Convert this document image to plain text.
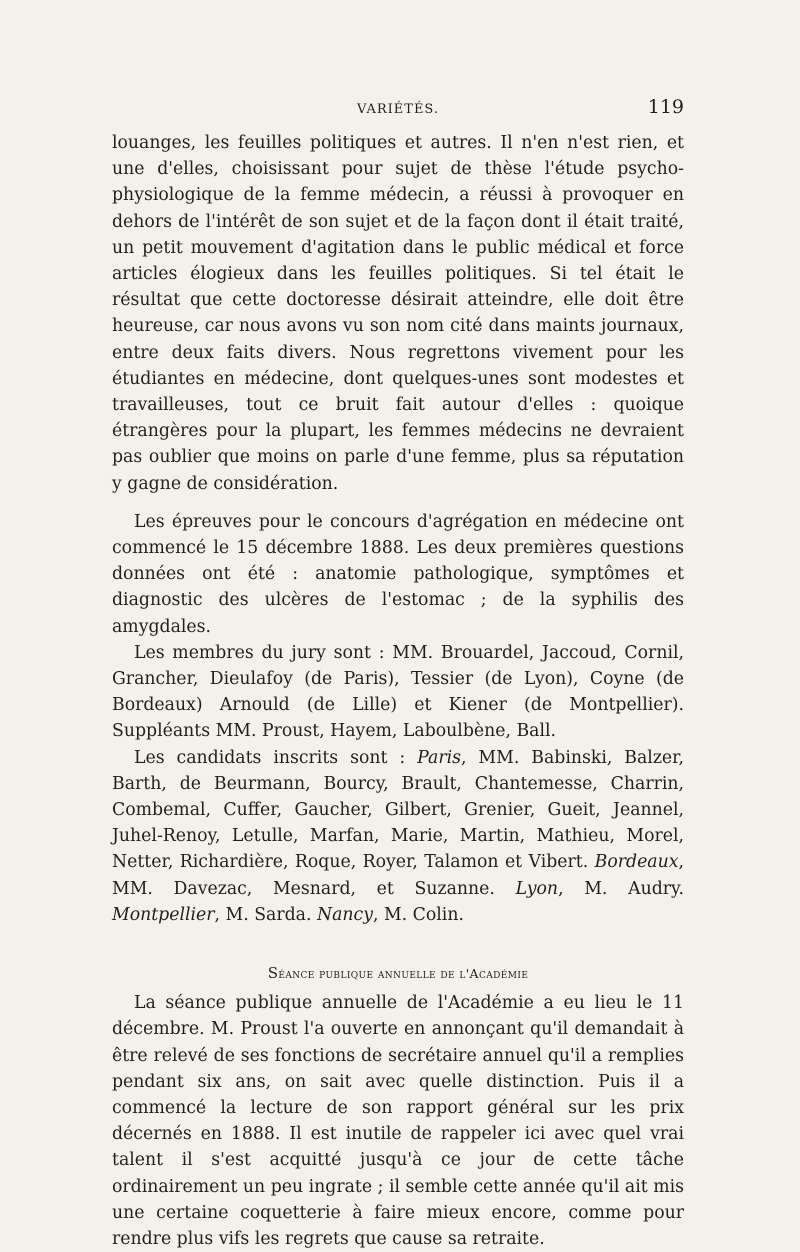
VARIÉTÉS.	119

louanges, les feuilles politiques et autres. Il n'en n'est rien, et une d'elles, choisissant pour sujet de thèse l'étude psycho-physiologique de la femme médecin, a réussi à provoquer en dehors de l'intérêt de son sujet et de la façon dont il était traité, un petit mouvement d'agitation dans le public médical et force articles élogieux dans les feuilles politiques. Si tel était le résultat que cette doctoresse désirait atteindre, elle doit être heureuse, car nous avons vu son nom cité dans maints journaux, entre deux faits divers. Nous regrettons vivement pour les étudiantes en médecine, dont quelques-unes sont modestes et travailleuses, tout ce bruit fait autour d'elles : quoique étrangères pour la plupart, les femmes médecins ne devraient pas oublier que moins on parle d'une femme, plus sa réputation y gagne de considération.

Les épreuves pour le concours d'agrégation en médecine ont commencé le 15 décembre 1888. Les deux premières questions données ont été : anatomie pathologique, symptômes et diagnostic des ulcères de l'estomac ; de la syphilis des amygdales.

Les membres du jury sont : MM. Brouardel, Jaccoud, Cornil, Grancher, Dieulafoy (de Paris), Tessier (de Lyon), Coyne (de Bordeaux) Arnould (de Lille) et Kiener (de Montpellier). Suppléants MM. Proust, Hayem, Laboulbène, Ball.

Les candidats inscrits sont : Paris, MM. Babinski, Balzer, Barth, de Beurmann, Bourcy, Brault, Chantemesse, Charrin, Combemal, Cuffer, Gaucher, Gilbert, Grenier, Gueit, Jeannel, Juhel-Renoy, Letulle, Marfan, Marie, Martin, Mathieu, Morel, Netter, Richardière, Roque, Royer, Talamon et Vibert. Bordeaux, MM. Davezac, Mesnard, et Suzanne. Lyon, M. Audry. Montpellier, M. Sarda. Nancy, M. Colin.

Séance publique annuelle de l'Académie

La séance publique annuelle de l'Académie a eu lieu le 11 décembre. M. Proust l'a ouverte en annonçant qu'il demandait à être relevé de ses fonctions de secrétaire annuel qu'il a remplies pendant six ans, on sait avec quelle distinction. Puis il a commencé la lecture de son rapport général sur les prix décernés en 1888. Il est inutile de rappeler ici avec quel vrai talent il s'est acquitté jusqu'à ce jour de cette tâche ordinairement un peu ingrate ; il semble cette année qu'il ait mis une certaine coquetterie à faire mieux encore, comme pour rendre plus vifs les regrets que cause sa retraite.
